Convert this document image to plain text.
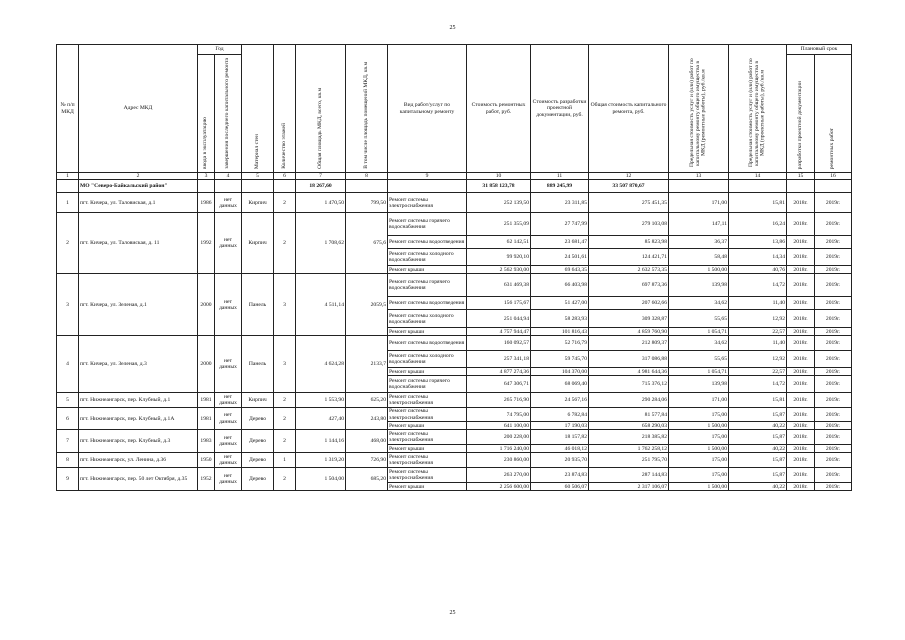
25
№ п/п МКД	Адрес МКД	Год		Материал стен	Количество этажей	Общая площадь МКД, всего, кв.м	В том числе площадь помещений МКД, кв.м	Вид работ/услуг по капитальному ремонту	Стоимость ремонтных работ, руб.	Стоимость разработки проектной документации, руб.	Общая стоимость капитального ремонта, руб.	Предельная стоимость услуг и (или) работ по капитальному ремонту общего имущества в МКД (ремонтные работы), руб./кв.м	Предельная стоимость услуг и (или) работ по капитальному ремонту общего имущества в МКД (проектные работы), руб./кв.м	Плановый срок	

		ввода в эксплуатацию	завершения последнего капитального ремонта											разработки проектной документации	ремонтных работ

1	2	3	4	5	6	7	8	9	10	11	12	13	14	15	16
	МО "Северо-Байкальский район"					18 267,60			31 858 123,78	889 245,99	33 507 870,67				
1	пгт. Кичера, ул. Таловиская, д.1	1986	нет данных	Кирпич	2	1 470,50	799,50	Ремонт системы электроснабжения	252 139,50	23 311,85	275 451,35	171,00	15,81	2018г.	2019г.
2	пгт. Кичера, ул. Таловиская, д. 11	1992	нет данных	Кирпич	2	1 708,62	675,6	Ремонт системы горячего водоснабжения	251 355,09	27 747,99	279 103,08	147,11	16,24	2018г.	2019г.
								Ремонт системы водоотведения	62 142,51	23 681,47	85 823,98	36,37	13,86	2018г.	2019г.
								Ремонт системы холодного водоснабжения	99 920,10	24 501,61	124 421,71	58,48	14,34	2018г.	2019г.
								Ремонт крыши	2 562 930,00	69 643,35	2 632 573,35	1 500,00	40,76	2018г.	2019г.
3	пгт. Кичера, ул. Зеленая, д.1	2000	нет данных	Панель	3	4 511,14	2059,5	Ремонт системы горячего водоснабжения	631 469,38	66 403,98	697 873,36	139,98	14,72	2018г.	2019г.
								Ремонт системы водоотведения	156 175,67	51 427,00	207 602,66	34,62	11,40	2018г.	2019г.
								Ремонт системы холодного водоснабжения	251 044,94	58 283,93	309 328,87	55,65	12,92	2018г.	2019г.
								Ремонт крыши	4 757 944,47	101 816,43	4 859 760,90	1 054,71	22,57	2018г.	2019г.
4	пгт. Кичера, ул. Зеленая, д.3	2000	нет данных	Панель	3	4 624,28	2133,7	Ремонт системы водоотведения	160 092,57	52 716,79	212 809,37	34,62	11,40	2018г.	2019г.
								Ремонт системы холодного водоснабжения	257 341,18	59 745,70	317 086,88	55,65	12,92	2018г.	2019г.
								Ремонт крыши	4 877 274,36	104 370,00	4 981 644,36	1 054,71	22,57	2018г.	2019г.
								Ремонт системы горячего водоснабжения	647 306,71	68 069,40	715 376,12	139,98	14,72	2018г.	2019г.
5	пгт. Нижнеангарск, пер. Клубный, д.1	1981	нет данных	Кирпич	2	1 553,90	625,20	Ремонт системы электроснабжения	265 716,90	24 567,16	290 284,06	171,00	15,81	2018г.	2019г.
6	пгт. Нижнеангарск, пер. Клубный, д.1А	1981	нет данных	Дерево	2	427,40	243,80	Ремонт системы электроснабжения	74 795,00	6 782,84	81 577,84	175,00	15,87	2018г.	2019г.
								Ремонт крыши	641 100,00	17 190,03	658 290,03	1 500,00	40,22	2018г.	2019г.
7	пгт. Нижнеангарск, пер. Клубный, д.3	1983	нет данных	Дерево	2	1 144,16	468,00	Ремонт системы электроснабжения	200 228,00	18 157,82	218 385,82	175,00	15,87	2018г.	2019г.
								Ремонт крыши	1 716 240,00	46 018,12	1 762 258,12	1 500,00	40,22	2018г.	2019г.
8	пгт. Нижнеангарск, ул. Ленина, д.36	1950	нет данных	Дерево	1	1 319,20	726,90	Ремонт системы электроснабжения	230 860,00	20 935,70	251 795,70	175,00	15,87	2018г.	2019г.
9	пгт. Нижнеангарск, пер. 50 лет Октября, д.35	1952	нет данных	Дерево	2	1 504,00	685,20	Ремонт системы электроснабжения	263 270,00	23 874,83	287 144,83	175,00	15,87	2018г.	2019г.
								Ремонт крыши	2 256 600,00	60 506,07	2 317 106,07	1 500,00	40,22	2018г.	2019г.
25
